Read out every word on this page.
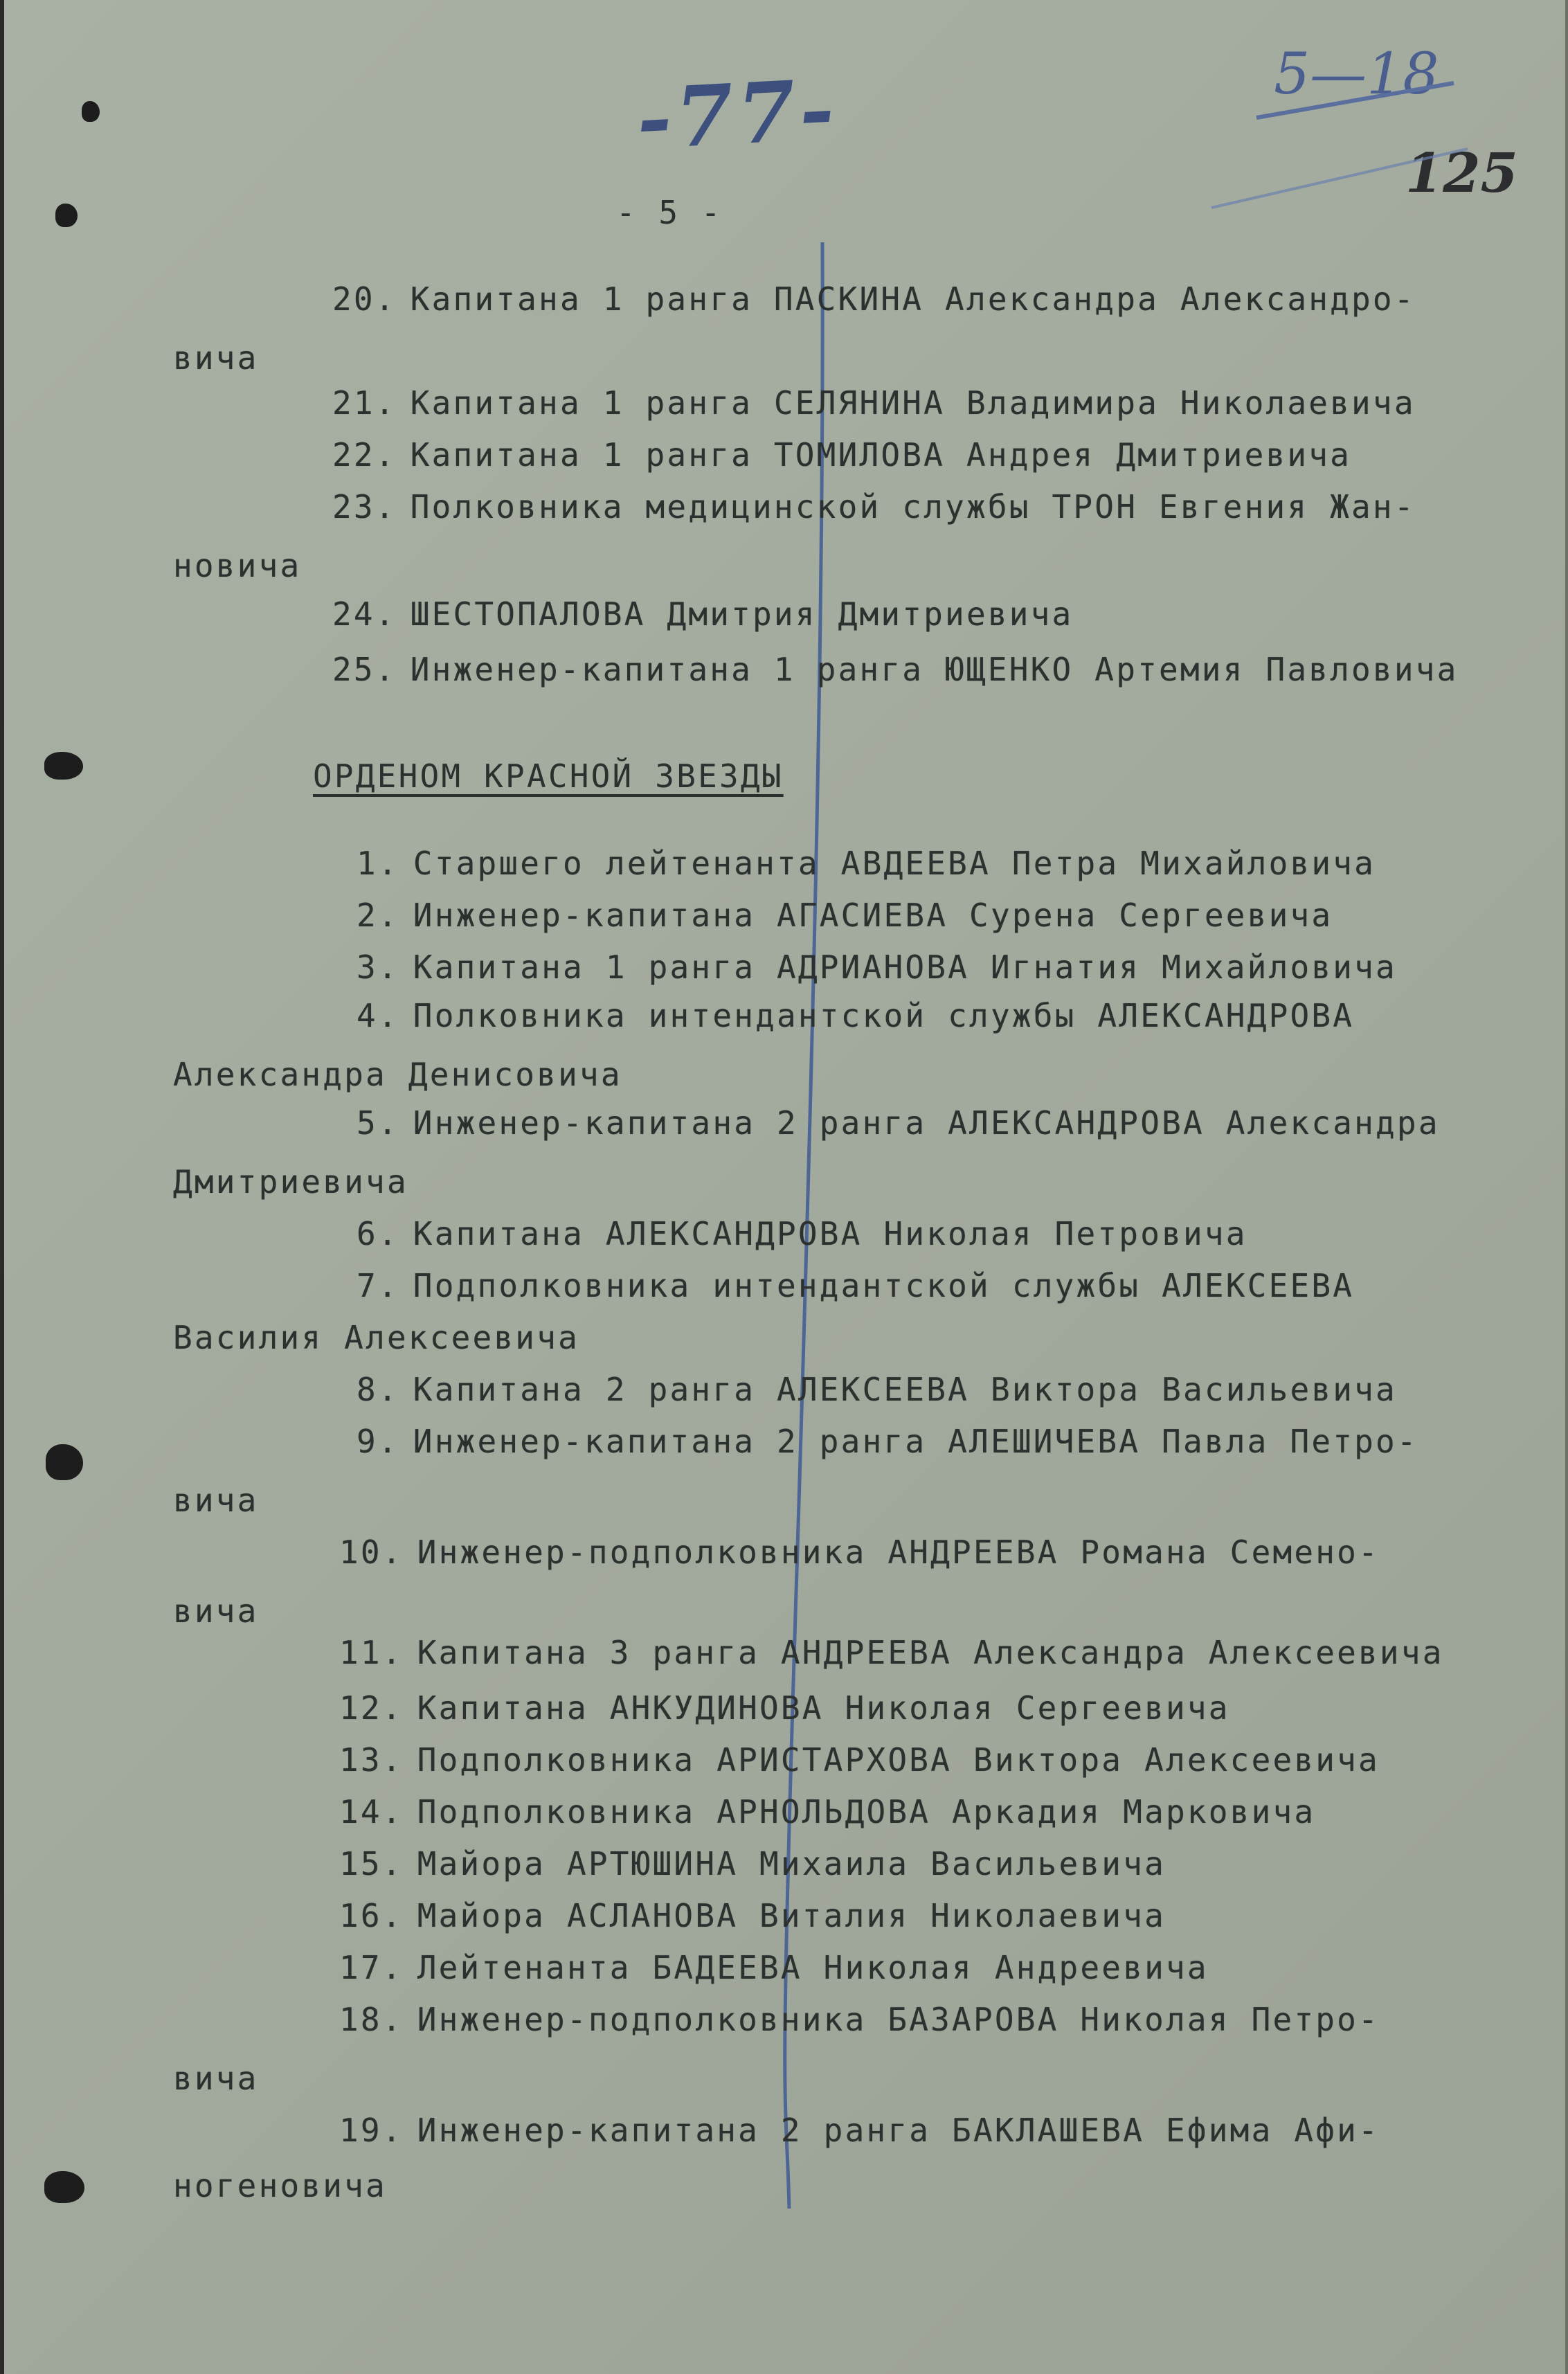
-77-	5—18
125
- 5 -
20. Капитана 1 ранга ПАСКИНА Александра Александро-
вича
21. Капитана 1 ранга СЕЛЯНИНА Владимира Николаевича
22. Капитана 1 ранга ТОМИЛОВА Андрея Дмитриевича
23. Полковника медицинской службы ТРОН Евгения Жан-
новича
24. ШЕСТОПАЛОВА Дмитрия Дмитриевича
25. Инженер-капитана 1 ранга ЮЩЕНКО Артемия Павловича
ОРДЕНОМ КРАСНОЙ ЗВЕЗДЫ
1. Старшего лейтенанта АВДЕЕВА Петра Михайловича
2. Инженер-капитана АГАСИЕВА Сурена Сергеевича
3. Капитана 1 ранга АДРИАНОВА Игнатия Михайловича
4. Полковника интендантской службы АЛЕКСАНДРОВА
Александра Денисовича
5. Инженер-капитана 2 ранга АЛЕКСАНДРОВА Александра
Дмитриевича
6. Капитана АЛЕКСАНДРОВА Николая Петровича
7. Подполковника интендантской службы АЛЕКСЕЕВА
Василия Алексеевича
8. Капитана 2 ранга АЛЕКСЕЕВА Виктора Васильевича
9. Инженер-капитана 2 ранга АЛЕШИЧЕВА Павла Петро-
вича
10. Инженер-подполковника АНДРЕЕВА Романа Семено-
вича
11. Капитана 3 ранга АНДРЕЕВА Александра Алексеевича
12. Капитана АНКУДИНОВА Николая Сергеевича
13. Подполковника АРИСТАРХОВА Виктора Алексеевича
14. Подполковника АРНОЛЬДОВА Аркадия Марковича
15. Майора АРТЮШИНА Михаила Васильевича
16. Майора АСЛАНОВА Виталия Николаевича
17. Лейтенанта БАДЕЕВА Николая Андреевича
18. Инженер-подполковника БАЗАРОВА Николая Петро-
вича
19. Инженер-капитана 2 ранга БАКЛАШЕВА Ефима Афи-
ногеновича
